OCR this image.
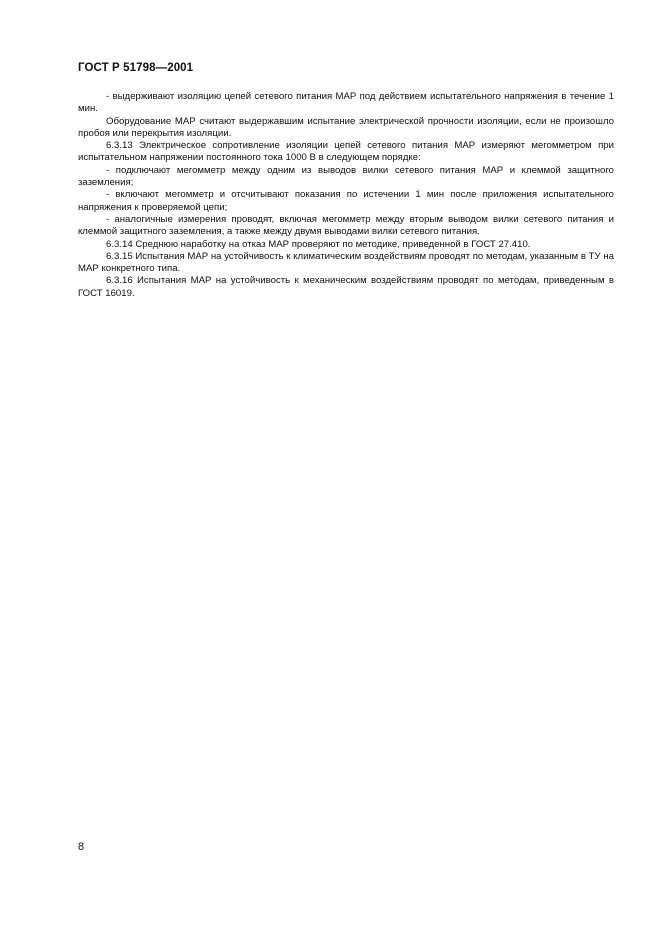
ГОСТ Р 51798—2001

- выдерживают изоляцию цепей сетевого питания МАР под действием испытательного напряжения в течение 1 мин.

Оборудование МАР считают выдержавшим испытание электрической прочности изоляции, если не произошло пробоя или перекрытия изоляции.

6.3.13 Электрическое сопротивление изоляции цепей сетевого питания МАР измеряют мегомметром при испытательном напряжении постоянного тока 1000 В в следующем порядке:

- подключают мегомметр между одним из выводов вилки сетевого питания МАР и клеммой защитного заземления;

- включают мегомметр и отсчитывают показания по истечении 1 мин после приложения испытательного напряжения к проверяемой цепи;

- аналогичные измерения проводят, включая мегомметр между вторым выводом вилки сетевого питания и клеммой защитного заземления, а также между двумя выводами вилки сетевого питания.

6.3.14 Среднюю наработку на отказ МАР проверяют по методике, приведенной в ГОСТ 27.410.

6.3.15 Испытания МАР на устойчивость к климатическим воздействиям проводят по методам, указанным в ТУ на МАР конкретного типа.

6.3.16 Испытания МАР на устойчивость к механическим воздействиям проводят по методам, приведенным в ГОСТ 16019.

8
